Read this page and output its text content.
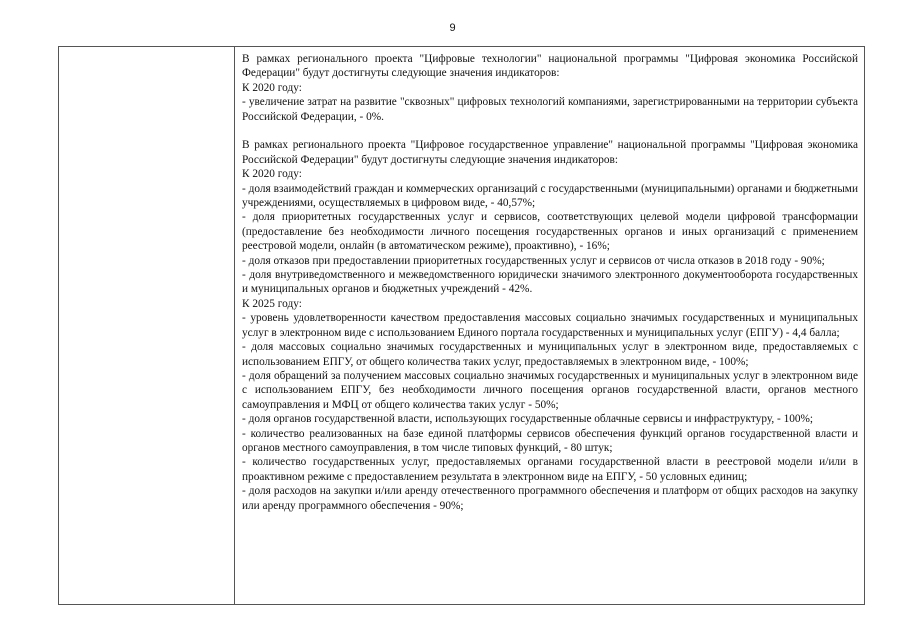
9

В рамках регионального проекта "Цифровые технологии" национальной программы "Цифровая экономика Российской Федерации" будут достигнуты следующие значения индикаторов:

К 2020 году:

- увеличение затрат на развитие "сквозных" цифровых технологий компаниями, зарегистрированными на территории субъекта Российской Федерации, - 0%.

В рамках регионального проекта "Цифровое государственное управление" национальной программы "Цифровая экономика Российской Федерации" будут достигнуты следующие значения индикаторов:

К 2020 году:

- доля взаимодействий граждан и коммерческих организаций с государственными (муниципальными) органами и бюджетными учреждениями, осуществляемых в цифровом виде, - 40,57%;

- доля приоритетных государственных услуг и сервисов, соответствующих целевой модели цифровой трансформации (предоставление без необходимости личного посещения государственных органов и иных организаций с применением реестровой модели, онлайн (в автоматическом режиме), проактивно), - 16%;

- доля отказов при предоставлении приоритетных государственных услуг и сервисов от числа отказов в 2018 году - 90%;

- доля внутриведомственного и межведомственного юридически значимого электронного документооборота государственных и муниципальных органов и бюджетных учреждений - 42%.

К 2025 году:

- уровень удовлетворенности качеством предоставления массовых социально значимых государственных и муниципальных услуг в электронном виде с использованием Единого портала государственных и муниципальных услуг (ЕПГУ) - 4,4 балла;

- доля массовых социально значимых государственных и муниципальных услуг в электронном виде, предоставляемых с использованием ЕПГУ, от общего количества таких услуг, предоставляемых в электронном виде, - 100%;

- доля обращений за получением массовых социально значимых государственных и муниципальных услуг в электронном виде с использованием ЕПГУ, без необходимости личного посещения органов государственной власти, органов местного самоуправления и МФЦ от общего количества таких услуг - 50%;

- доля органов государственной власти, использующих государственные облачные сервисы и инфраструктуру, - 100%;

- количество реализованных на базе единой платформы сервисов обеспечения функций органов государственной власти и органов местного самоуправления, в том числе типовых функций, - 80 штук;

- количество государственных услуг, предоставляемых органами государственной власти в реестровой модели и/или в проактивном режиме с предоставлением результата в электронном виде на ЕПГУ, - 50 условных единиц;

- доля расходов на закупки и/или аренду отечественного программного обеспечения и платформ от общих расходов на закупку или аренду программного обеспечения - 90%;
